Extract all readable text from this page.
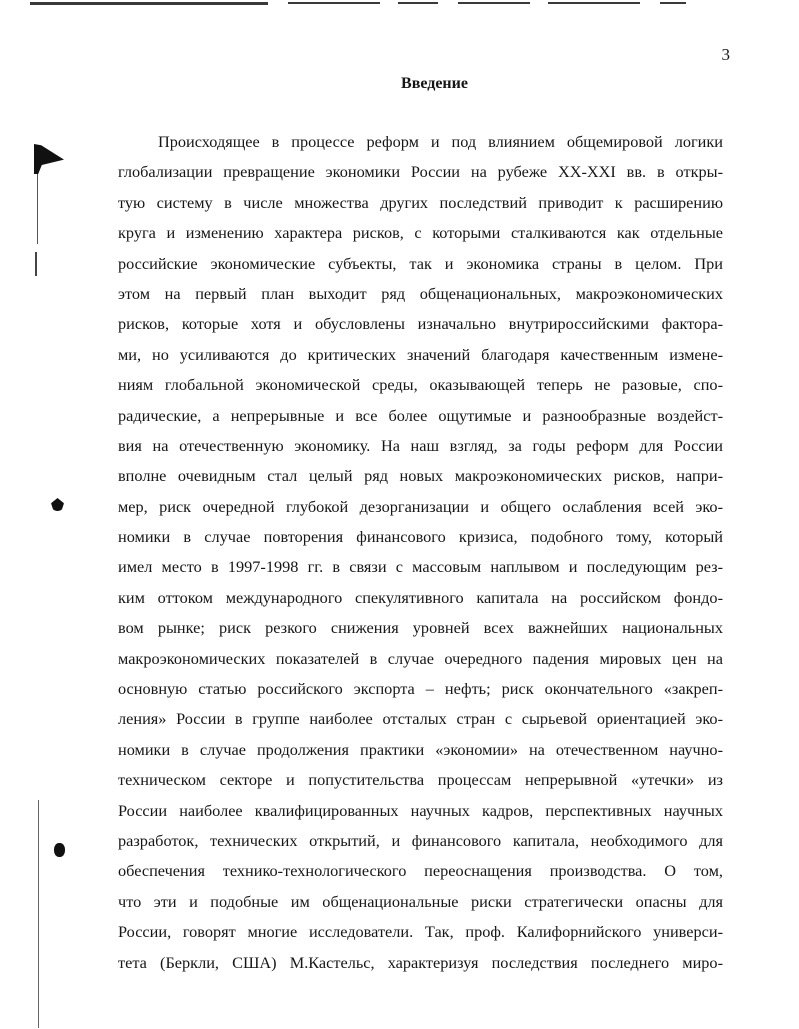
3
Введение
Происходящее в процессе реформ и под влиянием общемировой логики
глобализации превращение экономики России на рубеже XX-XXI вв. в откры-
тую систему в числе множества других последствий приводит к расширению
круга и изменению характера рисков, с которыми сталкиваются как отдельные
российские экономические субъекты, так и экономика страны в целом. При
этом на первый план выходит ряд общенациональных, макроэкономических
рисков, которые хотя и обусловлены изначально внутрироссийскими фактора-
ми, но усиливаются до критических значений благодаря качественным измене-
ниям глобальной экономической среды, оказывающей теперь не разовые, спо-
радические, а непрерывные и все более ощутимые и разнообразные воздейст-
вия на отечественную экономику. На наш взгляд, за годы реформ для России
вполне очевидным стал целый ряд новых макроэкономических рисков, напри-
мер, риск очередной глубокой дезорганизации и общего ослабления всей эко-
номики в случае повторения финансового кризиса, подобного тому, который
имел место в 1997-1998 гг. в связи с массовым наплывом и последующим рез-
ким оттоком международного спекулятивного капитала на российском фондо-
вом рынке; риск резкого снижения уровней всех важнейших национальных
макроэкономических показателей в случае очередного падения мировых цен на
основную статью российского экспорта – нефть; риск окончательного «закреп-
ления» России в группе наиболее отсталых стран с сырьевой ориентацией эко-
номики в случае продолжения практики «экономии» на отечественном научно-
техническом секторе и попустительства процессам непрерывной «утечки» из
России наиболее квалифицированных научных кадров, перспективных научных
разработок, технических открытий, и финансового капитала, необходимого для
обеспечения технико-технологического переоснащения производства. О том,
что эти и подобные им общенациональные риски стратегически опасны для
России, говорят многие исследователи. Так, проф. Калифорнийского универси-
тета (Беркли, США) М.Кастельс, характеризуя последствия последнего миро-
